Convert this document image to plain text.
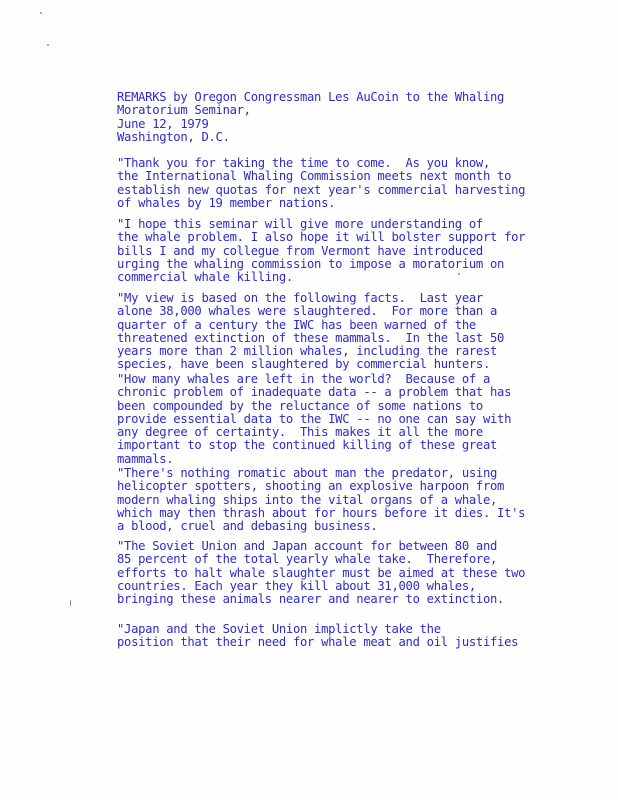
REMARKS by Oregon Congressman Les AuCoin to the Whaling

Moratorium Seminar,

June 12, 1979

Washington, D.C.

"Thank you for taking the time to come.  As you know,
the International Whaling Commission meets next month to
establish new quotas for next year's commercial harvesting
of whales by 19 member nations.

"I hope this seminar will give more understanding of
the whale problem. I also hope it will bolster support for
bills I and my collegue from Vermont have introduced
urging the whaling commission to impose a moratorium on
commercial whale killing.

"My view is based on the following facts.  Last year
alone 38,000 whales were slaughtered.  For more than a
quarter of a century the IWC has been warned of the
threatened extinction of these mammals.  In the last 50
years more than 2 million whales, including the rarest
species, have been slaughtered by commercial hunters.

"How many whales are left in the world?  Because of a
chronic problem of inadequate data -- a problem that has
been compounded by the reluctance of some nations to
provide essential data to the IWC -- no one can say with
any degree of certainty.  This makes it all the more
important to stop the continued killing of these great
mammals.

"There's nothing romatic about man the predator, using
helicopter spotters, shooting an explosive harpoon from
modern whaling ships into the vital organs of a whale,
which may then thrash about for hours before it dies. It's
a blood, cruel and debasing business.

"The Soviet Union and Japan account for between 80 and
85 percent of the total yearly whale take.  Therefore,
efforts to halt whale slaughter must be aimed at these two
countries. Each year they kill about 31,000 whales,
bringing these animals nearer and nearer to extinction.

"Japan and the Soviet Union implictly take the
position that their need for whale meat and oil justifies
